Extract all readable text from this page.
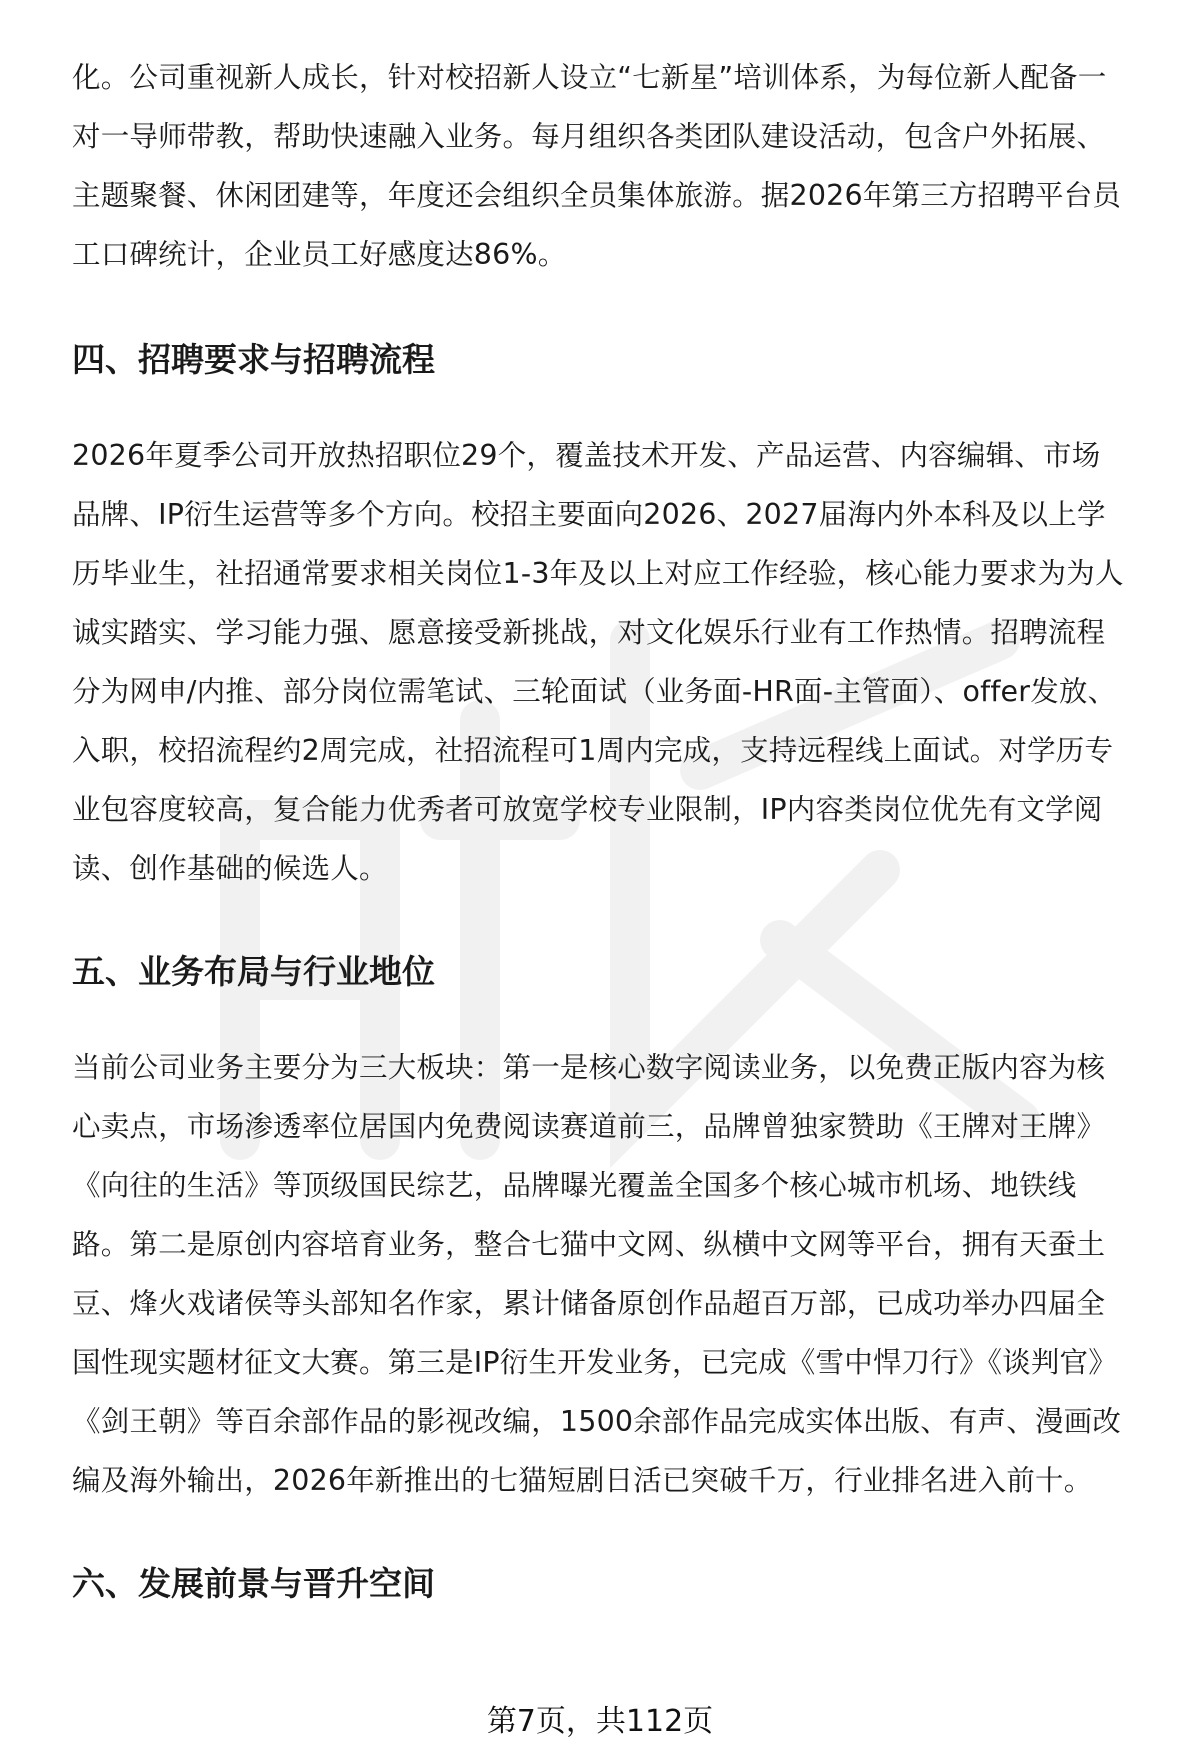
化。公司重视新人成长，针对校招新人设立“七新星”培训体系，为每位新人配备一对一导师带教，帮助快速融入业务。每月组织各类团队建设活动，包含户外拓展、主题聚餐、休闲团建等，年度还会组织全员集体旅游。据2026年第三方招聘平台员工口碑统计，企业员工好感度达86%。

四、招聘要求与招聘流程

2026年夏季公司开放热招职位29个，覆盖技术开发、产品运营、内容编辑、市场品牌、IP衍生运营等多个方向。校招主要面向2026、2027届海内外本科及以上学历毕业生，社招通常要求相关岗位1-3年及以上对应工作经验，核心能力要求为为人诚实踏实、学习能力强、愿意接受新挑战，对文化娱乐行业有工作热情。招聘流程分为网申/内推、部分岗位需笔试、三轮面试（业务面-HR面-主管面）、offer发放、入职，校招流程约2周完成，社招流程可1周内完成，支持远程线上面试。对学历专业包容度较高，复合能力优秀者可放宽学校专业限制，IP内容类岗位优先有文学阅读、创作基础的候选人。

五、业务布局与行业地位

当前公司业务主要分为三大板块：第一是核心数字阅读业务，以免费正版内容为核心卖点，市场渗透率位居国内免费阅读赛道前三，品牌曾独家赞助《王牌对王牌》《向往的生活》等顶级国民综艺，品牌曝光覆盖全国多个核心城市机场、地铁线路。第二是原创内容培育业务，整合七猫中文网、纵横中文网等平台，拥有天蚕土豆、烽火戏诸侯等头部知名作家，累计储备原创作品超百万部，已成功举办四届全国性现实题材征文大赛。第三是IP衍生开发业务，已完成《雪中悍刀行》《谈判官》《剑王朝》等百余部作品的影视改编，1500余部作品完成实体出版、有声、漫画改编及海外输出，2026年新推出的七猫短剧日活已突破千万，行业排名进入前十。

六、发展前景与晋升空间
第7页，共112页
